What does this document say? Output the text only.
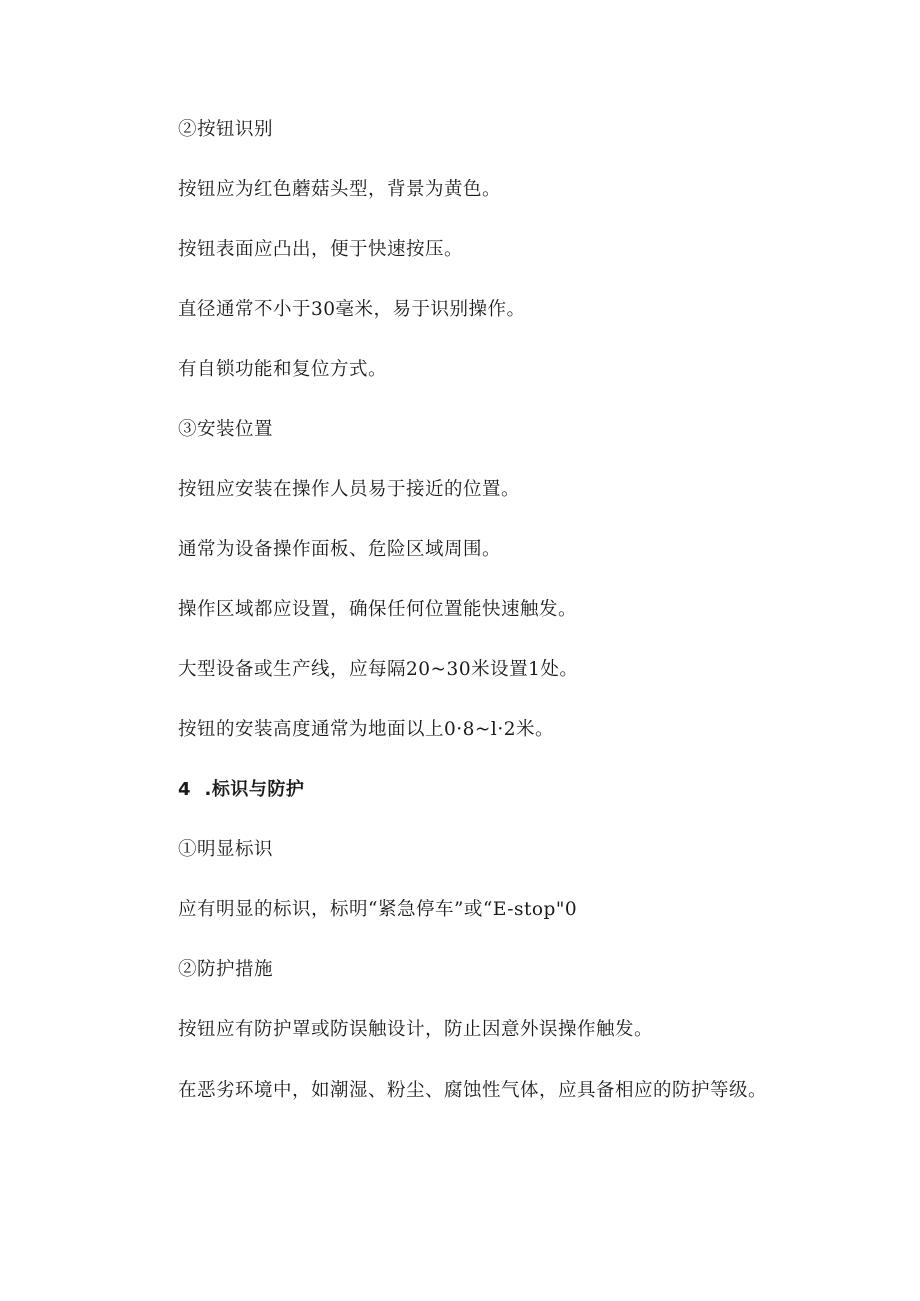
②按钮识别
按钮应为红色蘑菇头型，背景为黄色。
按钮表面应凸出，便于快速按压。
直径通常不小于30毫米，易于识别操作。
有自锁功能和复位方式。
③安装位置
按钮应安装在操作人员易于接近的位置。
通常为设备操作面板、危险区域周围。
操作区域都应设置，确保任何位置能快速触发。
大型设备或生产线，应每隔20~30米设置1处。
按钮的安装高度通常为地面以上0·8~l·2米。
4  .标识与防护
①明显标识
应有明显的标识，标明“紧急停车”或“E-stop"0
②防护措施
按钮应有防护罩或防误触设计，防止因意外误操作触发。
在恶劣环境中，如潮湿、粉尘、腐蚀性气体，应具备相应的防护等级。
